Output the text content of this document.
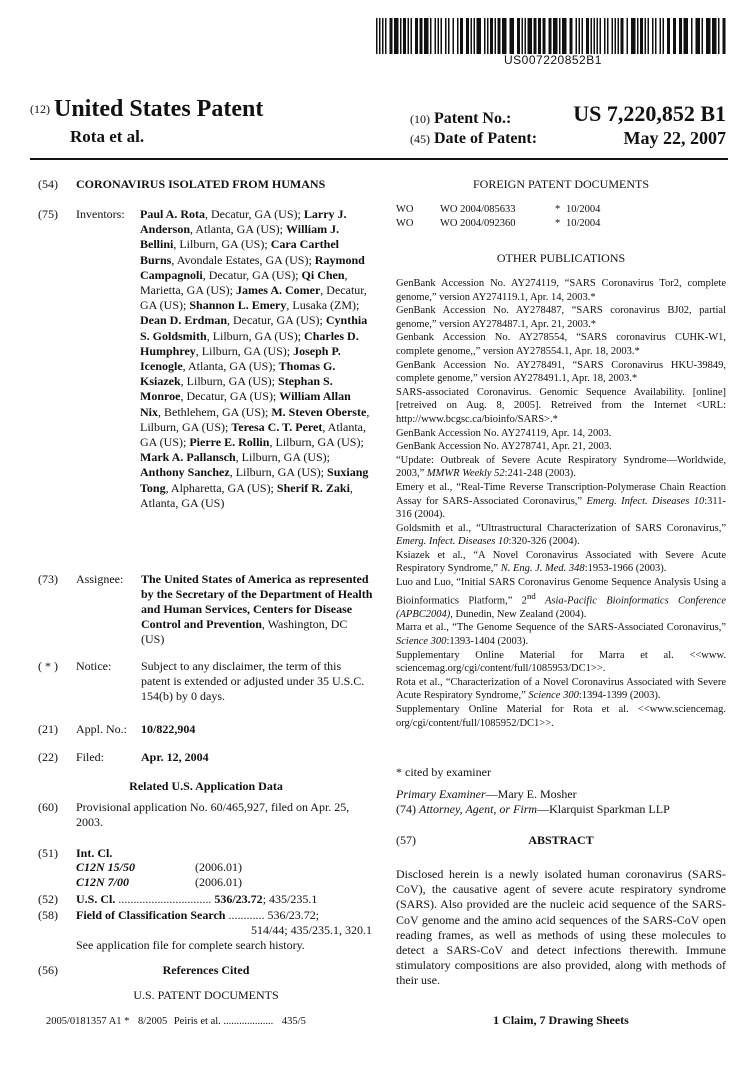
US007220852B1
(12) United States Patent
Rota et al.
(10) Patent No.:	US 7,220,852 B1
(45) Date of Patent:	May 22, 2007
(54) CORONAVIRUS ISOLATED FROM HUMANS
(75) Inventors: Paul A. Rota, Decatur, GA (US); Larry J. Anderson, Atlanta, GA (US); William J. Bellini, Lilburn, GA (US); Cara Carthel Burns, Avondale Estates, GA (US); Raymond Campagnoli, Decatur, GA (US); Qi Chen, Marietta, GA (US); James A. Comer, Decatur, GA (US); Shannon L. Emery, Lusaka (ZM); Dean D. Erdman, Decatur, GA (US); Cynthia S. Goldsmith, Lilburn, GA (US); Charles D. Humphrey, Lilburn, GA (US); Joseph P. Icenogle, Atlanta, GA (US); Thomas G. Ksiazek, Lilburn, GA (US); Stephan S. Monroe, Decatur, GA (US); William Allan Nix, Bethlehem, GA (US); M. Steven Oberste, Lilburn, GA (US); Teresa C. T. Peret, Atlanta, GA (US); Pierre E. Rollin, Lilburn, GA (US); Mark A. Pallansch, Lilburn, GA (US); Anthony Sanchez, Lilburn, GA (US); Suxiang Tong, Alpharetta, GA (US); Sherif R. Zaki, Atlanta, GA (US)
(73) Assignee: The United States of America as represented by the Secretary of the Department of Health and Human Services, Centers for Disease Control and Prevention, Washington, DC (US)
( * ) Notice: Subject to any disclaimer, the term of this patent is extended or adjusted under 35 U.S.C. 154(b) by 0 days.
(21) Appl. No.: 10/822,904
(22) Filed:	Apr. 12, 2004
Related U.S. Application Data
(60) Provisional application No. 60/465,927, filed on Apr. 25, 2003.
(51) Int. Cl.
C12N 15/50	(2006.01)
C12N 7/00	(2006.01)
(52) U.S. Cl. ............................... 536/23.72; 435/235.1
(58) Field of Classification Search ............ 536/23.72;
514/44; 435/235.1, 320.1
See application file for complete search history.
(56)	References Cited
U.S. PATENT DOCUMENTS
2005/0181357 A1 * 8/2005 Peiris et al. ................... 435/5
FOREIGN PATENT DOCUMENTS
WO	WO 2004/085633	* 10/2004
WO	WO 2004/092360	* 10/2004
OTHER PUBLICATIONS

GenBank Accession No. AY274119, “SARS Coronavirus Tor2, complete genome,” version AY274119.1, Apr. 14, 2003.*

GenBank Accession No. AY278487, “SARS coronavirus BJ02, partial genome,” version AY278487.1, Apr. 21, 2003.*

Genbank Accession No. AY278554, “SARS coronavirus CUHK-W1, complete genome,,” version AY278554.1, Apr. 18, 2003.*

GenBank Accession No. AY278491, “SARS Coronavirus HKU-39849, complete genome,” version AY278491.1, Apr. 18, 2003.*

SARS-associated Coronavirus. Genomic Sequence Availability. [online] [retreived on Aug. 8, 2005]. Retreived from the Internet <URL: http://www.bcgsc.ca/bioinfo/SARS>.*

GenBank Accession No. AY274119, Apr. 14, 2003.

GenBank Accession No. AY278741, Apr. 21, 2003.

“Update: Outbreak of Severe Acute Respiratory Syndrome—Worldwide, 2003,” MMWR Weekly 52:241-248 (2003).

Emery et al., “Real-Time Reverse Transcription-Polymerase Chain Reaction Assay for SARS-Associated Coronavirus,” Emerg. Infect. Diseases 10:311-316 (2004).

Goldsmith et al., “Ultrastructural Characterization of SARS Coronavirus,” Emerg. Infect. Diseases 10:320-326 (2004).

Ksiazek et al., “A Novel Coronavirus Associated with Severe Acute Respiratory Syndrome,” N. Eng. J. Med. 348:1953-1966 (2003).

Luo and Luo, “Initial SARS Coronavirus Genome Sequence Analysis Using a Bioinformatics Platform,” 2nd Asia-Pacific Bioinformatics Conference (APBC2004), Dunedin, New Zealand (2004).

Marra et al., “The Genome Sequence of the SARS-Associated Coronavirus,” Science 300:1393-1404 (2003).

Supplementary Online Material for Marra et al. <<www. sciencemag.org/cgi/content/full/1085953/DC1>>.

Rota et al., “Characterization of a Novel Coronavirus Associated with Severe Acute Respiratory Syndrome,” Science 300:1394-1399 (2003).

Supplementary Online Material for Rota et al. <<www.sciencemag. org/cgi/content/full/1085952/DC1>>.

* cited by examiner
Primary Examiner—Mary E. Mosher
(74) Attorney, Agent, or Firm—Klarquist Sparkman LLP
(57)	ABSTRACT
Disclosed herein is a newly isolated human coronavirus (SARS-CoV), the causative agent of severe acute respiratory syndrome (SARS). Also provided are the nucleic acid sequence of the SARS-CoV genome and the amino acid sequences of the SARS-CoV open reading frames, as well as methods of using these molecules to detect a SARS-CoV and detect infections therewith. Immune stimulatory compositions are also provided, along with methods of their use.
1 Claim, 7 Drawing Sheets
